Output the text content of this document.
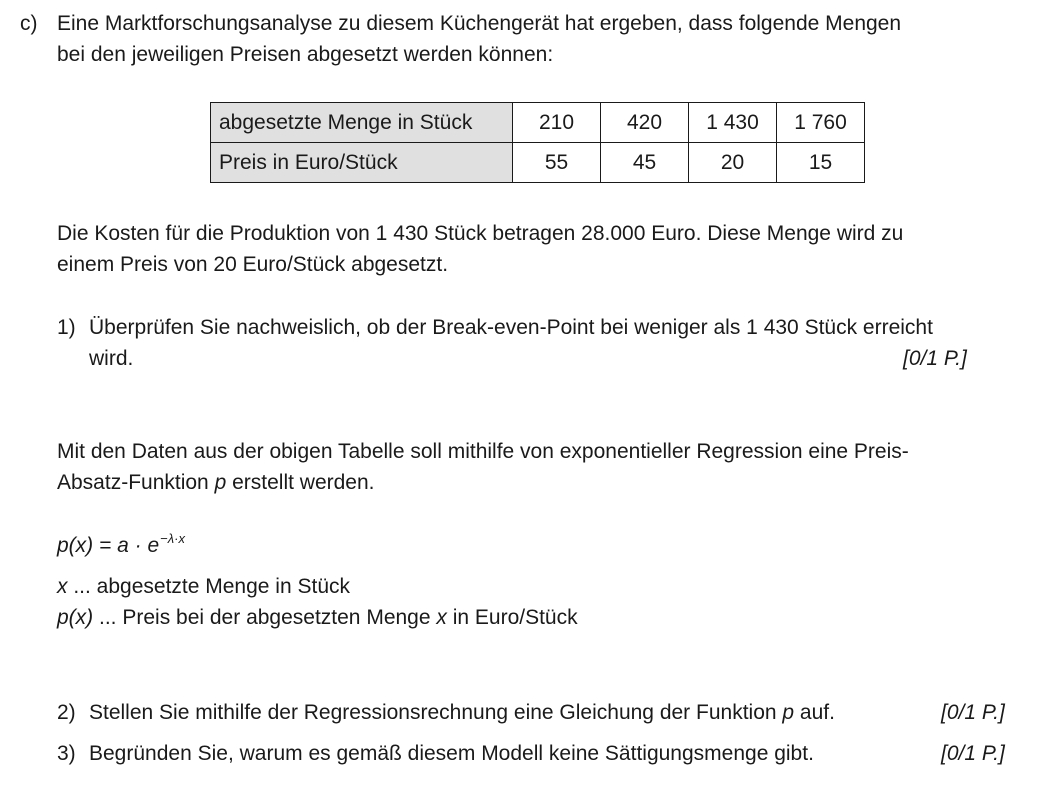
c) Eine Marktforschungsanalyse zu diesem Küchengerät hat ergeben, dass folgende Mengen
bei den jeweiligen Preisen abgesetzt werden können:
abgesetzte Menge in Stück	210	420	1 430	1 760
Preis in Euro/Stück	55	45	20	15
Die Kosten für die Produktion von 1 430 Stück betragen 28.000 Euro. Diese Menge wird zu
einem Preis von 20 Euro/Stück abgesetzt.
1) Überprüfen Sie nachweislich, ob der Break-even-Point bei weniger als 1 430 Stück erreicht
wird.	[0/1 P.]
Mit den Daten aus der obigen Tabelle soll mithilfe von exponentieller Regression eine Preis-
Absatz-Funktion p erstellt werden.
$p(x) = a \cdot e^{-\lambda\cdot x}$
x ... abgesetzte Menge in Stück
p(x) ... Preis bei der abgesetzten Menge x in Euro/Stück
2) Stellen Sie mithilfe der Regressionsrechnung eine Gleichung der Funktion p auf.	[0/1 P.]
3) Begründen Sie, warum es gemäß diesem Modell keine Sättigungsmenge gibt.	[0/1 P.]
